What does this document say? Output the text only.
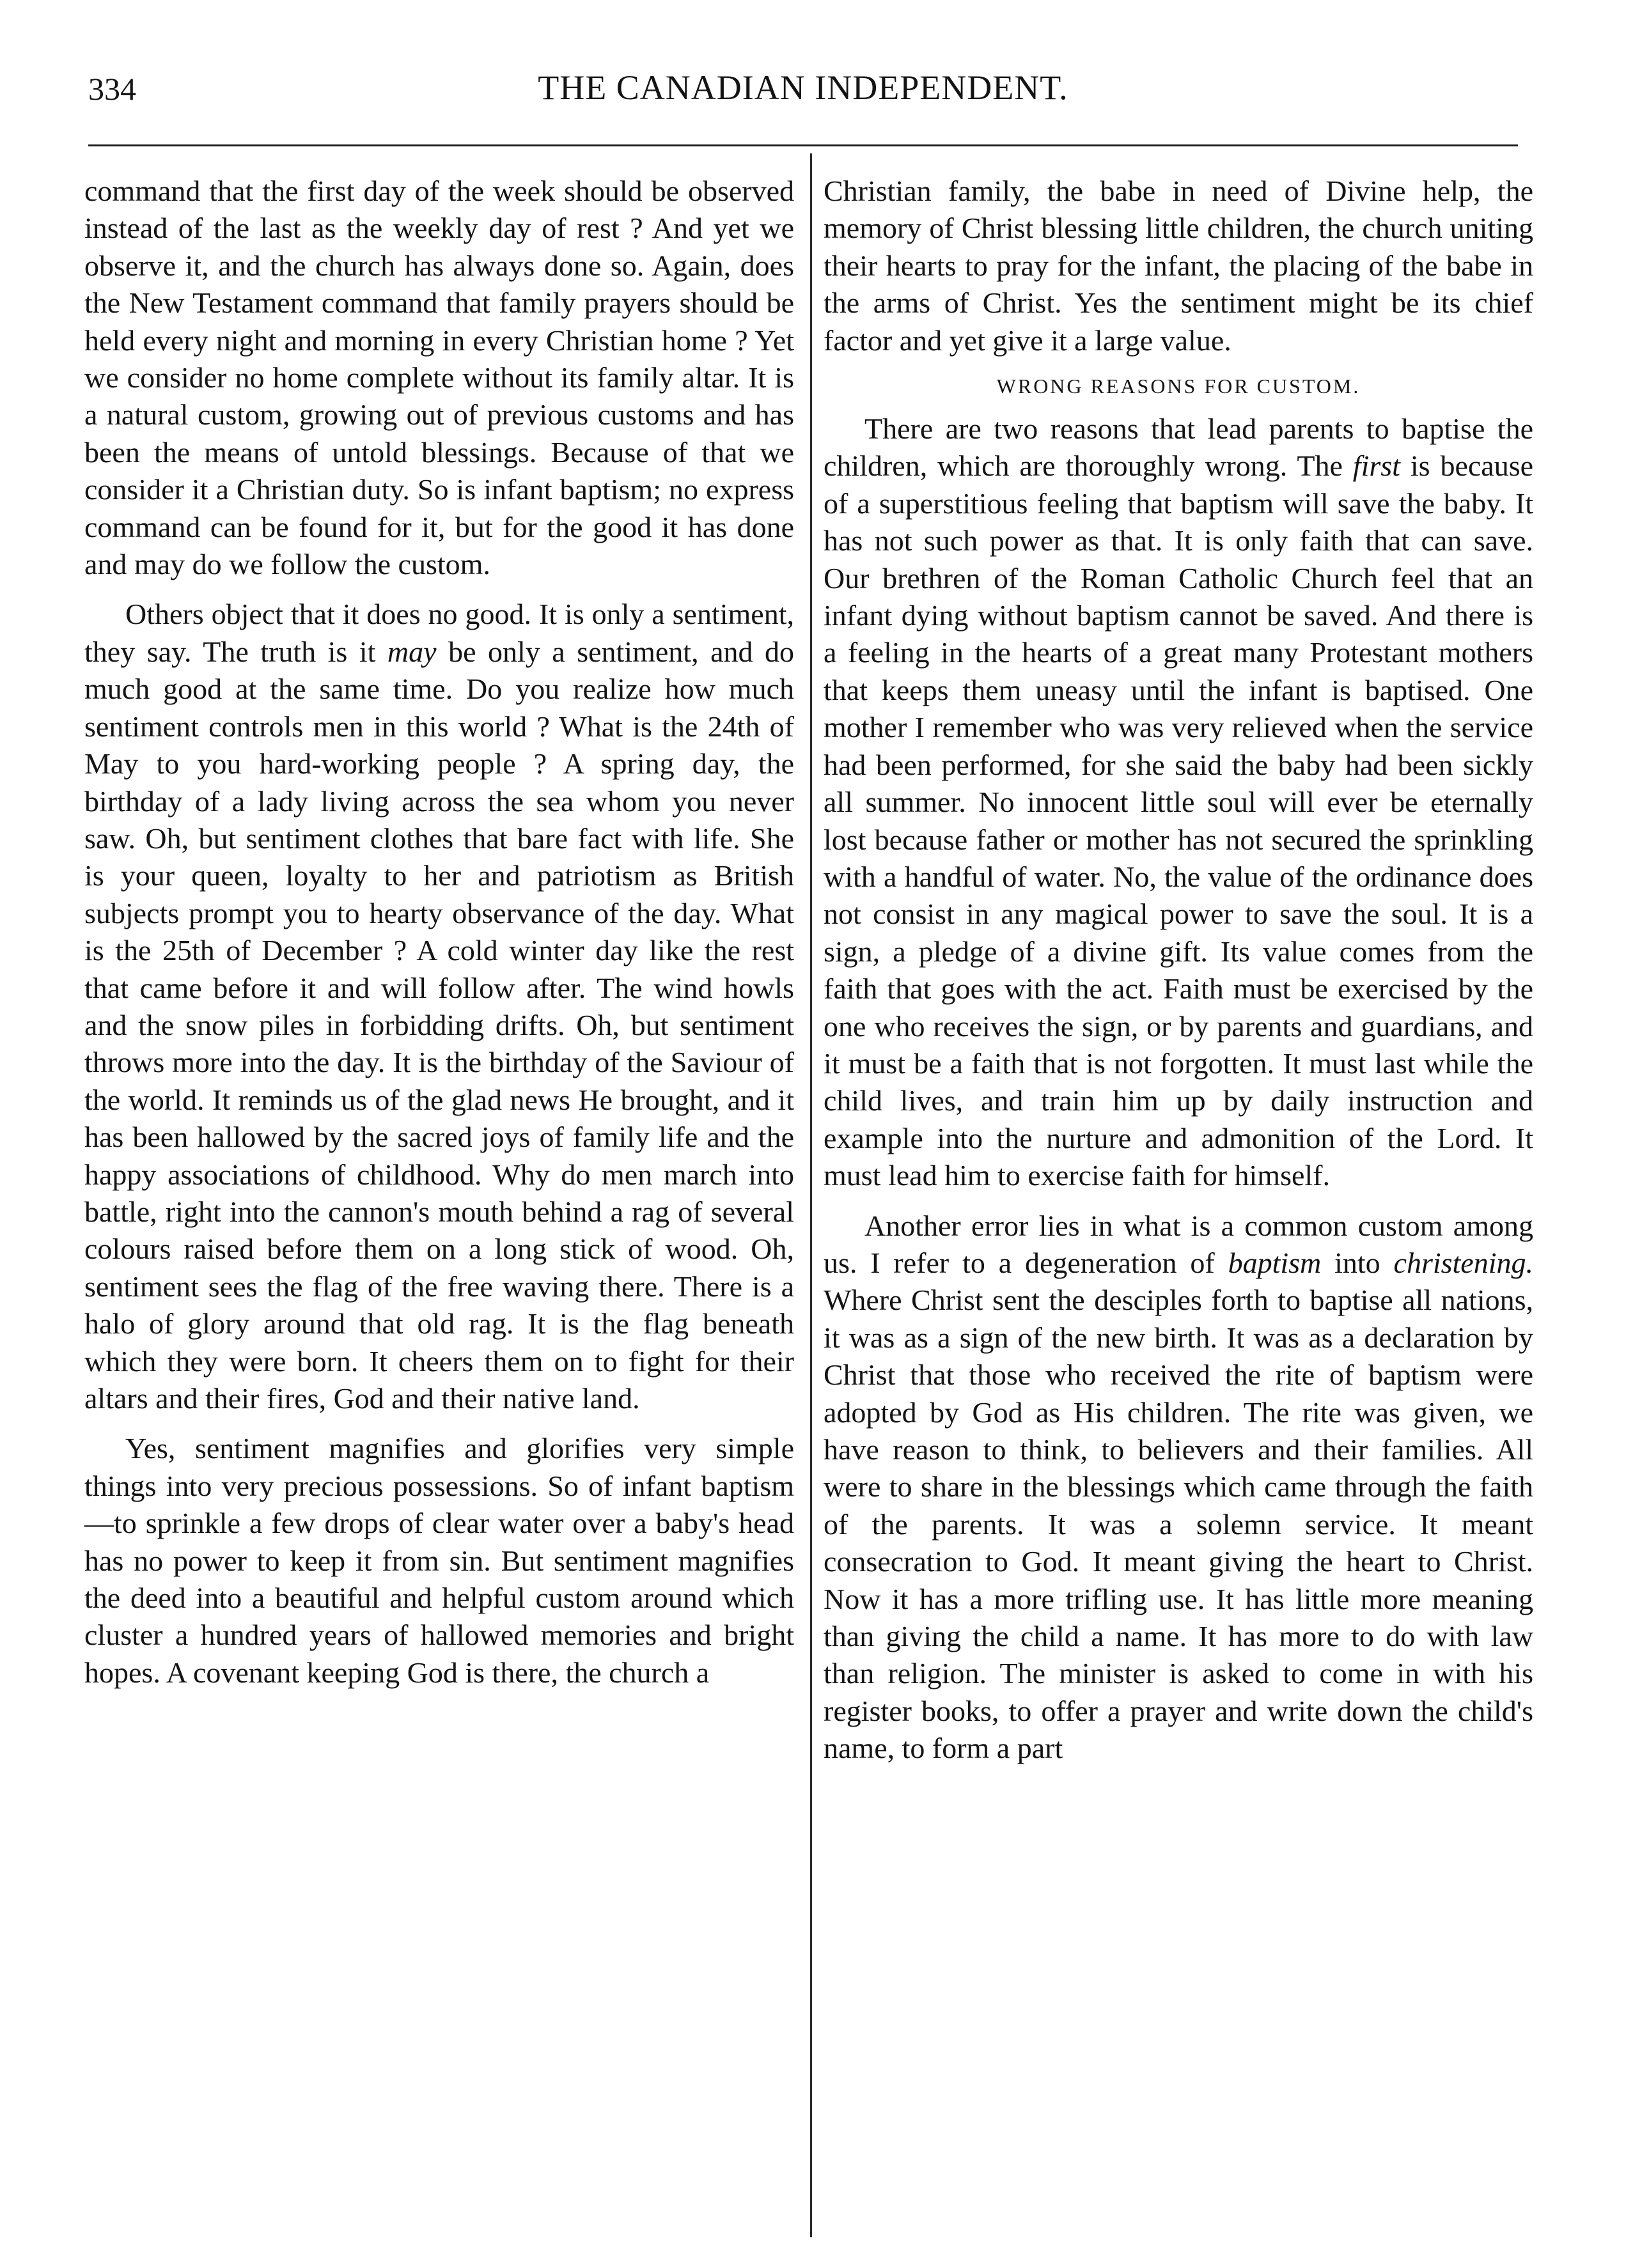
334	THE CANADIAN INDEPENDENT.

command that the first day of the week should be observed instead of the last as the weekly day of rest ? And yet we observe it, and the church has always done so. Again, does the New Testament command that family prayers should be held every night and morning in every Christian home ? Yet we consider no home complete without its family altar. It is a natural custom, growing out of previous customs and has been the means of untold blessings. Because of that we consider it a Christian duty. So is infant baptism; no express command can be found for it, but for the good it has done and may do we follow the custom.

Others object that it does no good. It is only a sentiment, they say. The truth is it may be only a sentiment, and do much good at the same time. Do you realize how much sentiment controls men in this world ? What is the 24th of May to you hard-working people ? A spring day, the birthday of a lady living across the sea whom you never saw. Oh, but sentiment clothes that bare fact with life. She is your queen, loyalty to her and patriotism as British subjects prompt you to hearty observance of the day. What is the 25th of December ? A cold winter day like the rest that came before it and will follow after. The wind howls and the snow piles in forbidding drifts. Oh, but sentiment throws more into the day. It is the birthday of the Saviour of the world. It reminds us of the glad news He brought, and it has been hallowed by the sacred joys of family life and the happy associations of childhood. Why do men march into battle, right into the cannon's mouth behind a rag of several colours raised before them on a long stick of wood. Oh, sentiment sees the flag of the free waving there. There is a halo of glory around that old rag. It is the flag beneath which they were born. It cheers them on to fight for their altars and their fires, God and their native land.

Yes, sentiment magnifies and glorifies very simple things into very precious possessions. So of infant baptism—to sprinkle a few drops of clear water over a baby's head has no power to keep it from sin. But sentiment magnifies the deed into a beautiful and helpful custom around which cluster a hundred years of hallowed memories and bright hopes. A covenant keeping God is there, the church a

Christian family, the babe in need of Divine help, the memory of Christ blessing little children, the church uniting their hearts to pray for the infant, the placing of the babe in the arms of Christ. Yes the sentiment might be its chief factor and yet give it a large value.

WRONG REASONS FOR CUSTOM.

There are two reasons that lead parents to baptise the children, which are thoroughly wrong. The first is because of a superstitious feeling that baptism will save the baby. It has not such power as that. It is only faith that can save. Our brethren of the Roman Catholic Church feel that an infant dying without baptism cannot be saved. And there is a feeling in the hearts of a great many Protestant mothers that keeps them uneasy until the infant is baptised. One mother I remember who was very relieved when the service had been performed, for she said the baby had been sickly all summer. No innocent little soul will ever be eternally lost because father or mother has not secured the sprinkling with a handful of water. No, the value of the ordinance does not consist in any magical power to save the soul. It is a sign, a pledge of a divine gift. Its value comes from the faith that goes with the act. Faith must be exercised by the one who receives the sign, or by parents and guardians, and it must be a faith that is not forgotten. It must last while the child lives, and train him up by daily instruction and example into the nurture and admonition of the Lord. It must lead him to exercise faith for himself.

Another error lies in what is a common custom among us. I refer to a degeneration of baptism into christening. Where Christ sent the desciples forth to baptise all nations, it was as a sign of the new birth. It was as a declaration by Christ that those who received the rite of baptism were adopted by God as His children. The rite was given, we have reason to think, to believers and their families. All were to share in the blessings which came through the faith of the parents. It was a solemn service. It meant consecration to God. It meant giving the heart to Christ. Now it has a more trifling use. It has little more meaning than giving the child a name. It has more to do with law than religion. The minister is asked to come in with his register books, to offer a prayer and write down the child's name, to form a part
